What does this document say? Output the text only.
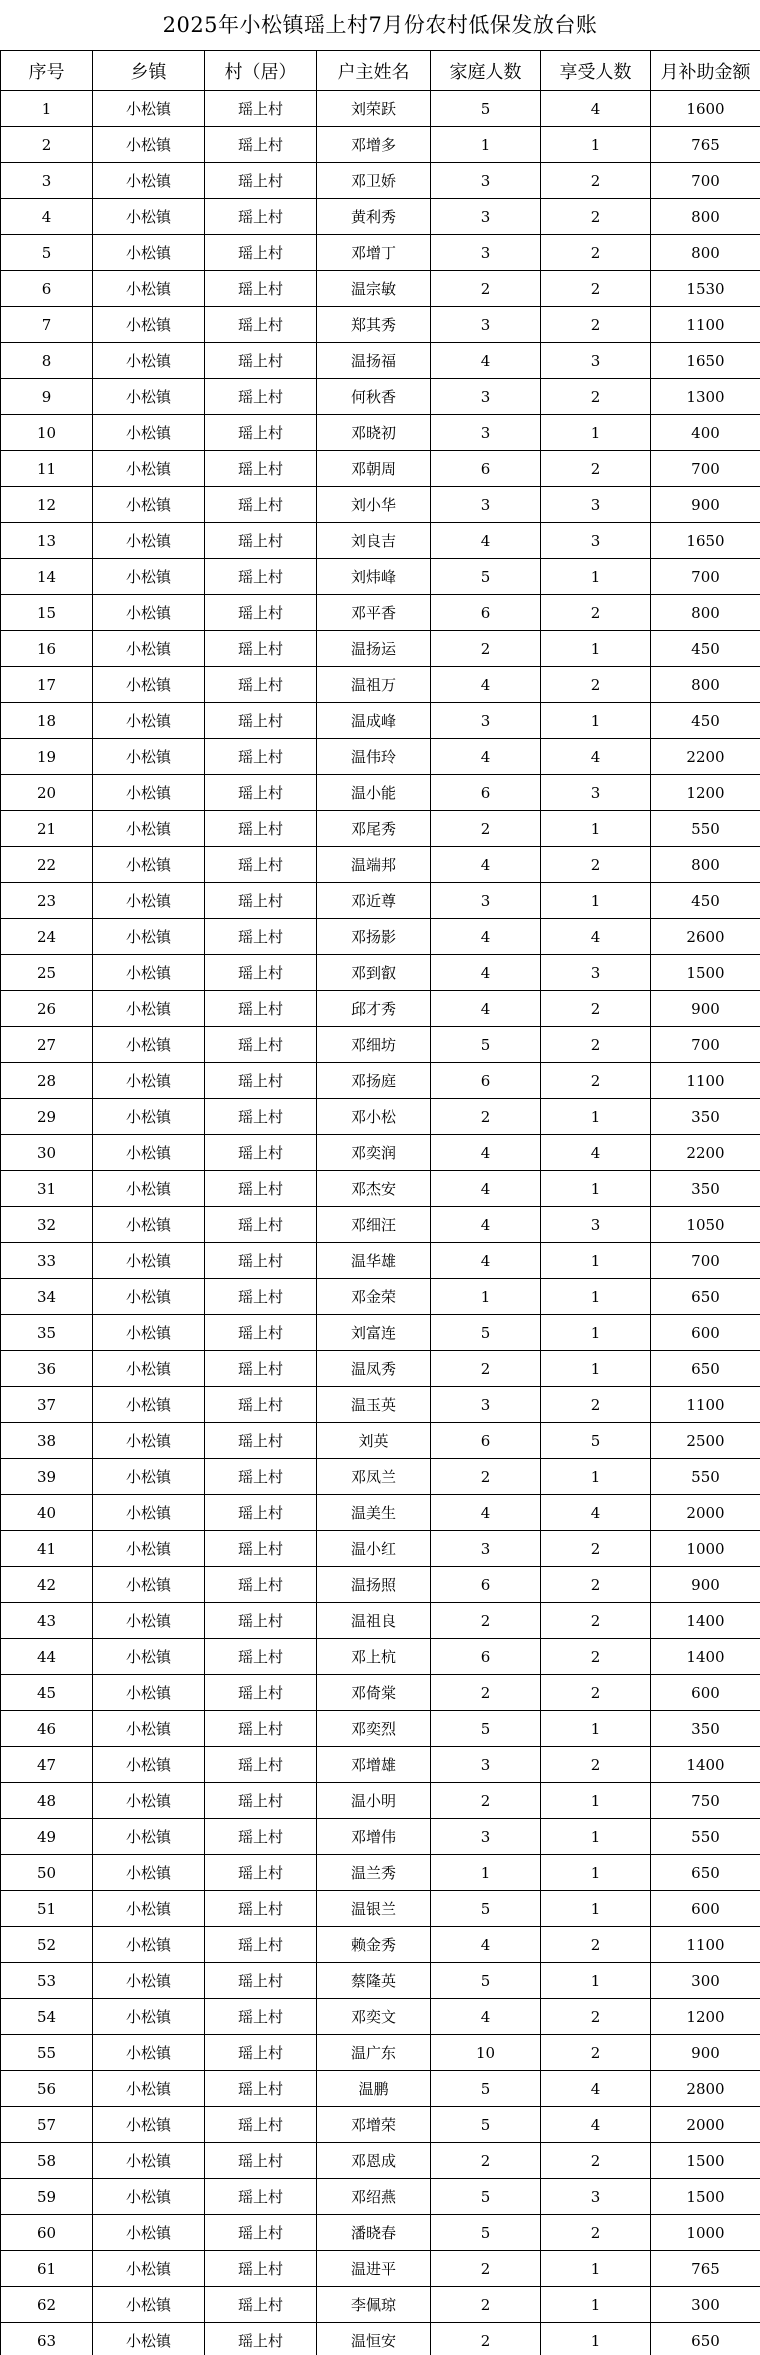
2025年小松镇瑶上村7月份农村低保发放台账
序号	乡镇	村（居）	户主姓名	家庭人数	享受人数	月补助金额
1	小松镇	瑶上村	刘荣跃	5	4	1600
2	小松镇	瑶上村	邓增多	1	1	765
3	小松镇	瑶上村	邓卫娇	3	2	700
4	小松镇	瑶上村	黄利秀	3	2	800
5	小松镇	瑶上村	邓增丁	3	2	800
6	小松镇	瑶上村	温宗敏	2	2	1530
7	小松镇	瑶上村	郑其秀	3	2	1100
8	小松镇	瑶上村	温扬福	4	3	1650
9	小松镇	瑶上村	何秋香	3	2	1300
10	小松镇	瑶上村	邓晓初	3	1	400
11	小松镇	瑶上村	邓朝周	6	2	700
12	小松镇	瑶上村	刘小华	3	3	900
13	小松镇	瑶上村	刘良吉	4	3	1650
14	小松镇	瑶上村	刘炜峰	5	1	700
15	小松镇	瑶上村	邓平香	6	2	800
16	小松镇	瑶上村	温扬运	2	1	450
17	小松镇	瑶上村	温祖万	4	2	800
18	小松镇	瑶上村	温成峰	3	1	450
19	小松镇	瑶上村	温伟玲	4	4	2200
20	小松镇	瑶上村	温小能	6	3	1200
21	小松镇	瑶上村	邓尾秀	2	1	550
22	小松镇	瑶上村	温端邦	4	2	800
23	小松镇	瑶上村	邓近尊	3	1	450
24	小松镇	瑶上村	邓扬影	4	4	2600
25	小松镇	瑶上村	邓到叡	4	3	1500
26	小松镇	瑶上村	邱才秀	4	2	900
27	小松镇	瑶上村	邓细坊	5	2	700
28	小松镇	瑶上村	邓扬庭	6	2	1100
29	小松镇	瑶上村	邓小松	2	1	350
30	小松镇	瑶上村	邓奕润	4	4	2200
31	小松镇	瑶上村	邓杰安	4	1	350
32	小松镇	瑶上村	邓细汪	4	3	1050
33	小松镇	瑶上村	温华雄	4	1	700
34	小松镇	瑶上村	邓金荣	1	1	650
35	小松镇	瑶上村	刘富连	5	1	600
36	小松镇	瑶上村	温凤秀	2	1	650
37	小松镇	瑶上村	温玉英	3	2	1100
38	小松镇	瑶上村	刘英	6	5	2500
39	小松镇	瑶上村	邓凤兰	2	1	550
40	小松镇	瑶上村	温美生	4	4	2000
41	小松镇	瑶上村	温小红	3	2	1000
42	小松镇	瑶上村	温扬照	6	2	900
43	小松镇	瑶上村	温祖良	2	2	1400
44	小松镇	瑶上村	邓上杭	6	2	1400
45	小松镇	瑶上村	邓倚棠	2	2	600
46	小松镇	瑶上村	邓奕烈	5	1	350
47	小松镇	瑶上村	邓增雄	3	2	1400
48	小松镇	瑶上村	温小明	2	1	750
49	小松镇	瑶上村	邓增伟	3	1	550
50	小松镇	瑶上村	温兰秀	1	1	650
51	小松镇	瑶上村	温银兰	5	1	600
52	小松镇	瑶上村	赖金秀	4	2	1100
53	小松镇	瑶上村	蔡隆英	5	1	300
54	小松镇	瑶上村	邓奕文	4	2	1200
55	小松镇	瑶上村	温广东	10	2	900
56	小松镇	瑶上村	温鹏	5	4	2800
57	小松镇	瑶上村	邓增荣	5	4	2000
58	小松镇	瑶上村	邓恩成	2	2	1500
59	小松镇	瑶上村	邓绍燕	5	3	1500
60	小松镇	瑶上村	潘晓春	5	2	1000
61	小松镇	瑶上村	温进平	2	1	765
62	小松镇	瑶上村	李佩琼	2	1	300
63	小松镇	瑶上村	温恒安	2	1	650
